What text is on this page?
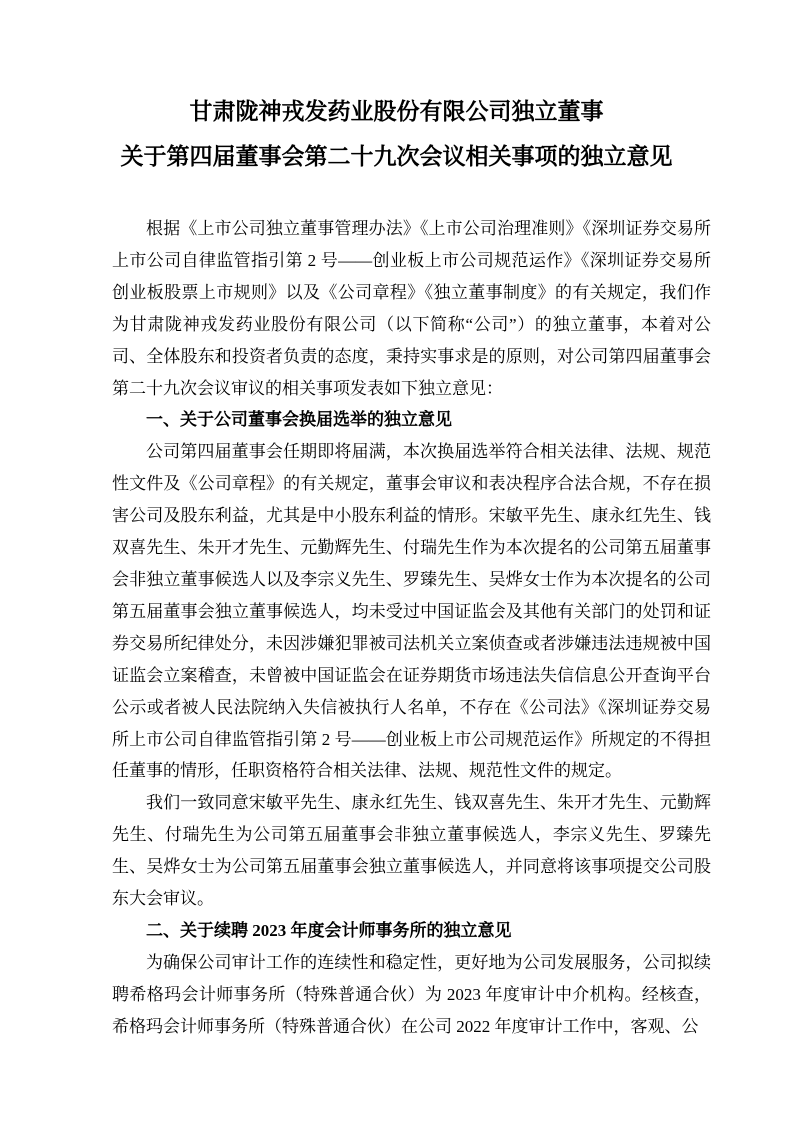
甘肃陇神戎发药业股份有限公司独立董事
关于第四届董事会第二十九次会议相关事项的独立意见

根据《上市公司独立董事管理办法》《上市公司治理准则》《深圳证券交易所上市公司自律监管指引第 2 号——创业板上市公司规范运作》《深圳证券交易所创业板股票上市规则》以及《公司章程》《独立董事制度》的有关规定，我们作为甘肃陇神戎发药业股份有限公司（以下简称“公司”）的独立董事，本着对公司、全体股东和投资者负责的态度，秉持实事求是的原则，对公司第四届董事会第二十九次会议审议的相关事项发表如下独立意见：

一、关于公司董事会换届选举的独立意见

公司第四届董事会任期即将届满，本次换届选举符合相关法律、法规、规范性文件及《公司章程》的有关规定，董事会审议和表决程序合法合规，不存在损害公司及股东利益，尤其是中小股东利益的情形。宋敏平先生、康永红先生、钱双喜先生、朱开才先生、元勤辉先生、付瑞先生作为本次提名的公司第五届董事会非独立董事候选人以及李宗义先生、罗臻先生、吴烨女士作为本次提名的公司第五届董事会独立董事候选人，均未受过中国证监会及其他有关部门的处罚和证券交易所纪律处分，未因涉嫌犯罪被司法机关立案侦查或者涉嫌违法违规被中国证监会立案稽查，未曾被中国证监会在证券期货市场违法失信信息公开查询平台公示或者被人民法院纳入失信被执行人名单，不存在《公司法》《深圳证券交易所上市公司自律监管指引第 2 号——创业板上市公司规范运作》所规定的不得担任董事的情形，任职资格符合相关法律、法规、规范性文件的规定。

我们一致同意宋敏平先生、康永红先生、钱双喜先生、朱开才先生、元勤辉先生、付瑞先生为公司第五届董事会非独立董事候选人，李宗义先生、罗臻先生、吴烨女士为公司第五届董事会独立董事候选人，并同意将该事项提交公司股东大会审议。

二、关于续聘 2023 年度会计师事务所的独立意见

为确保公司审计工作的连续性和稳定性，更好地为公司发展服务，公司拟续聘希格玛会计师事务所（特殊普通合伙）为 2023 年度审计中介机构。经核查，希格玛会计师事务所（特殊普通合伙）在公司 2022 年度审计工作中，客观、公
